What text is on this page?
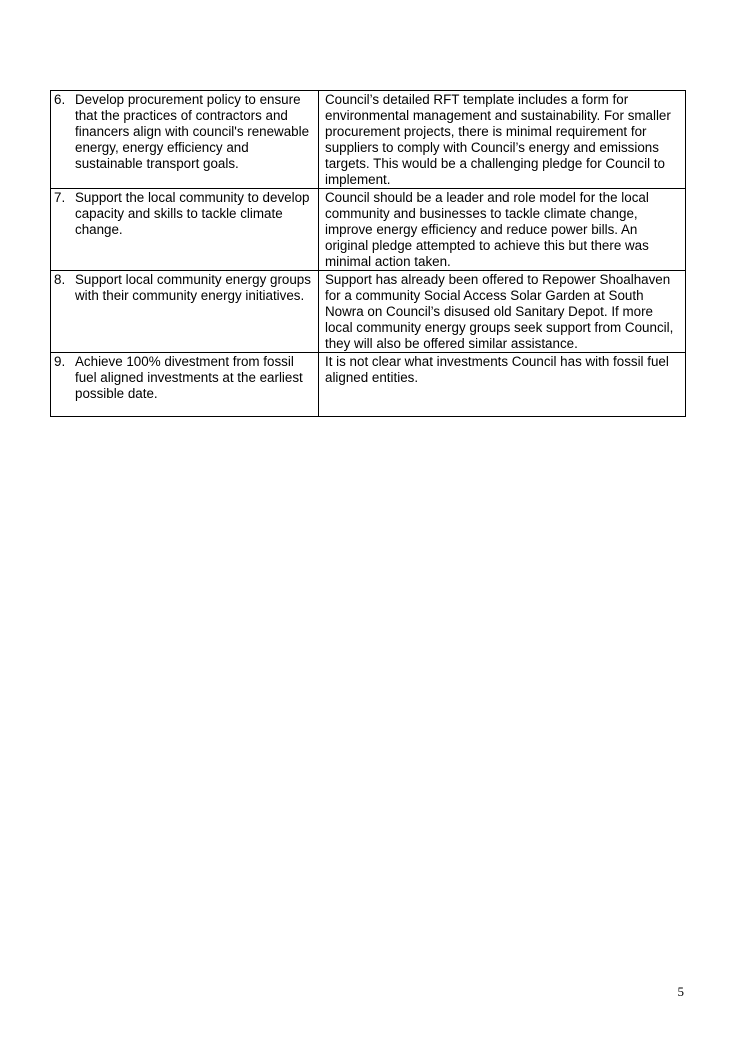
6. Develop procurement policy to ensure that the practices of contractors and financers align with council's renewable energy, energy efficiency and sustainable transport goals.	Council’s detailed RFT template includes a form for environmental management and sustainability. For smaller procurement projects, there is minimal requirement for suppliers to comply with Council’s energy and emissions targets. This would be a challenging pledge for Council to implement.

7. Support the local community to develop capacity and skills to tackle climate change.	Council should be a leader and role model for the local community and businesses to tackle climate change, improve energy efficiency and reduce power bills. An original pledge attempted to achieve this but there was minimal action taken.

8. Support local community energy groups with their community energy initiatives.	Support has already been offered to Repower Shoalhaven for a community Social Access Solar Garden at South Nowra on Council’s disused old Sanitary Depot. If more local community energy groups seek support from Council, they will also be offered similar assistance.

9. Achieve 100% divestment from fossil fuel aligned investments at the earliest possible date.	It is not clear what investments Council has with fossil fuel aligned entities.
5
